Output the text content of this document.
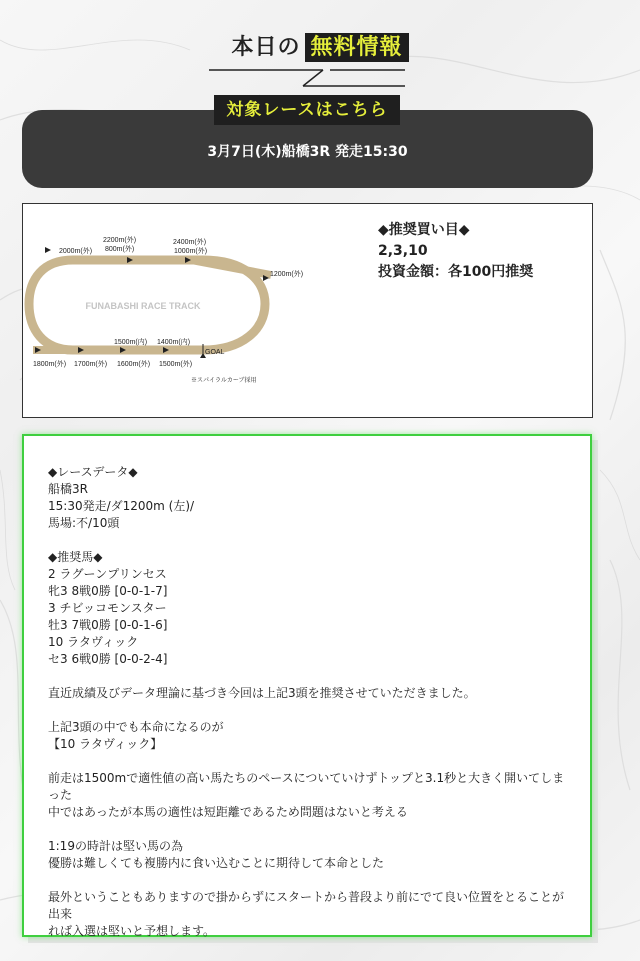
本日の 無料情報
対象レースはこちら
3月7日(木)船橋3R 発走15:30
FUNABASHI RACE TRACK
2200m(外)
800m(外)
2000m(外)
2400m(外)
1000m(外)
1200m(外)
1500m(内) 1400m(内)
GOAL
1800m(外) 1700m(外) 1600m(外) 1500m(外)
※スパイラルカーブ採用
◆推奨買い目◆
2,3,10
投資金額：各100円推奨

◆レースデータ◆

船橋3R

15:30発走/ダ1200m (左)/

馬場:不/10頭

◆推奨馬◆

2 ラグーンプリンセス

牝3 8戦0勝 [0-0-1-7]

3 チビッコモンスター

牡3 7戦0勝 [0-0-1-6]

10 ラタヴィック

セ3 6戦0勝 [0-0-2-4]

直近成績及びデータ理論に基づき今回は上記3頭を推奨させていただきました。

上記3頭の中でも本命になるのが

【10 ラタヴィック】

前走は1500mで適性値の高い馬たちのペースについていけずトップと3.1秒と大きく開いてしまった

中ではあったが本馬の適性は短距離であるため問題はないと考える

1:19の時計は堅い馬の為

優勝は難しくても複勝内に食い込むことに期待して本命とした

最外ということもありますので掛からずにスタートから普段より前にでて良い位置をとることが出来

れば入選は堅いと予想します。
